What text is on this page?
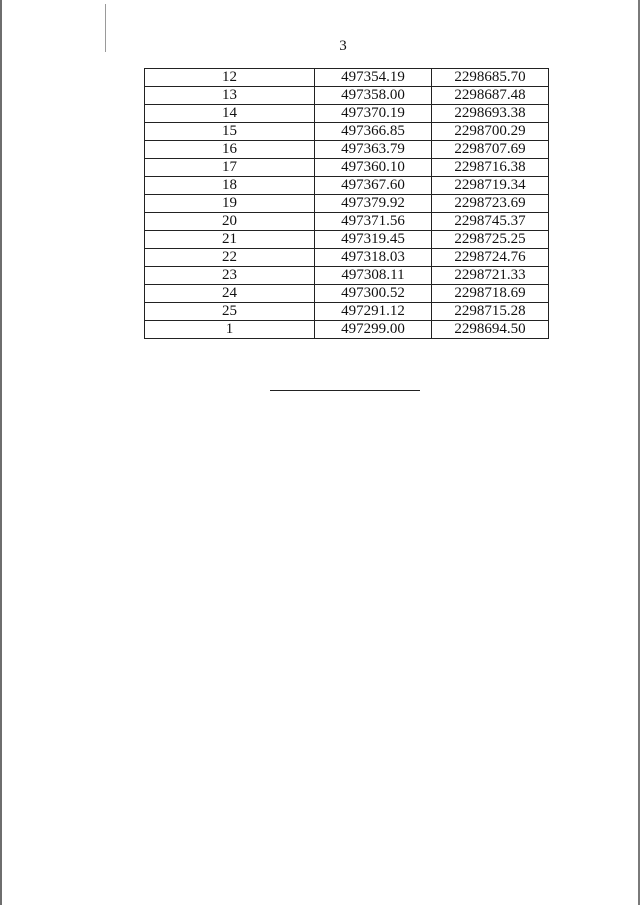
3
12	497354.19	2298685.70
13	497358.00	2298687.48
14	497370.19	2298693.38
15	497366.85	2298700.29
16	497363.79	2298707.69
17	497360.10	2298716.38
18	497367.60	2298719.34
19	497379.92	2298723.69
20	497371.56	2298745.37
21	497319.45	2298725.25
22	497318.03	2298724.76
23	497308.11	2298721.33
24	497300.52	2298718.69
25	497291.12	2298715.28
1	497299.00	2298694.50
